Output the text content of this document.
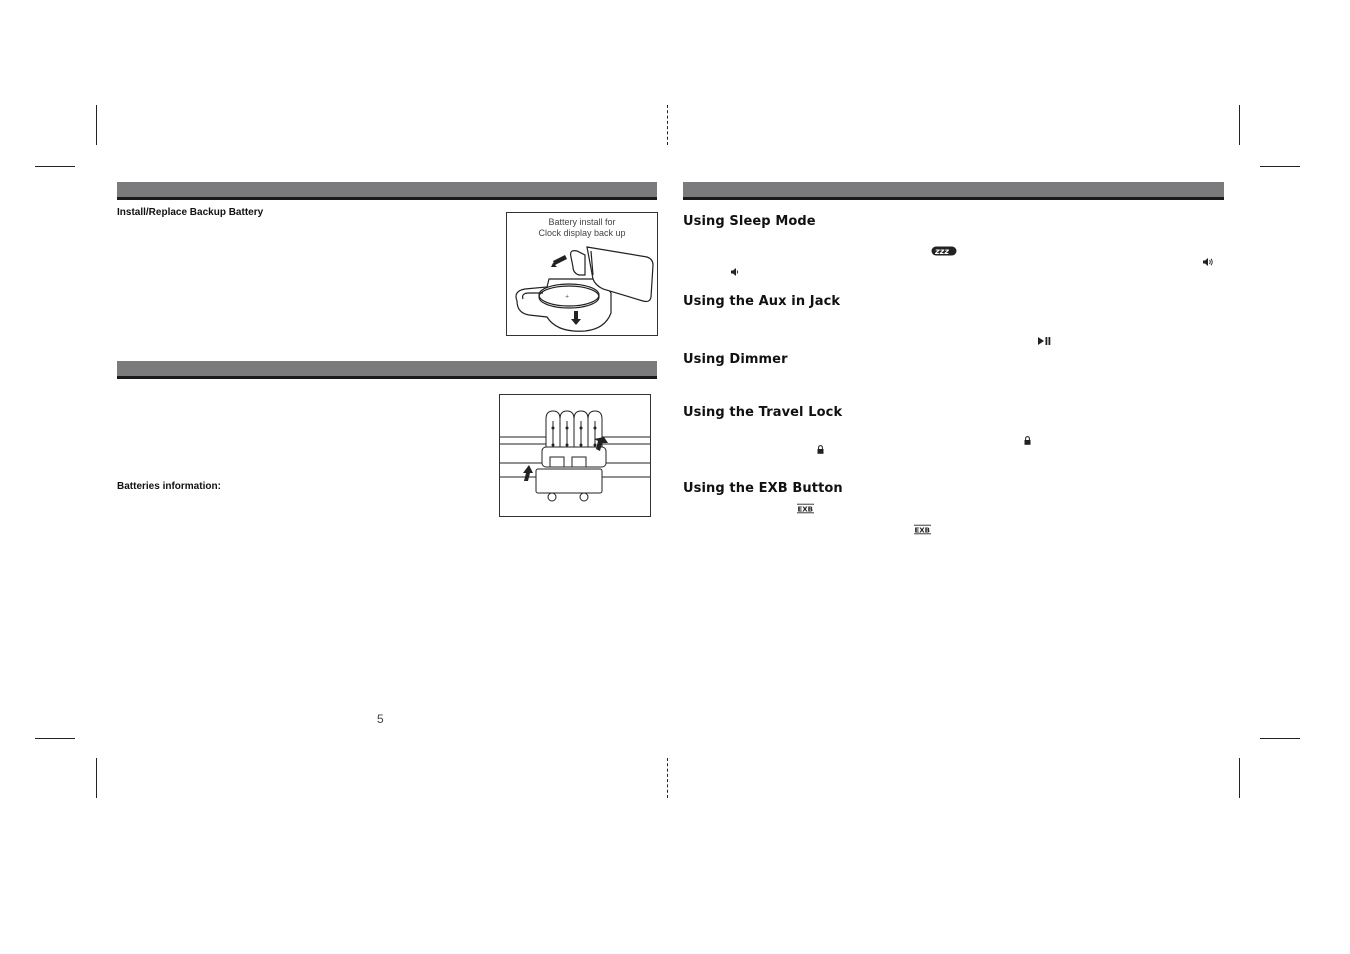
Install/Replace Backup Battery
Battery install for
Clock display back up
+
Batteries information:
5
Using Sleep Mode
zzz
Using the Aux in Jack
Using Dimmer
Using the Travel Lock
Using the EXB Button
EXB
EXB
